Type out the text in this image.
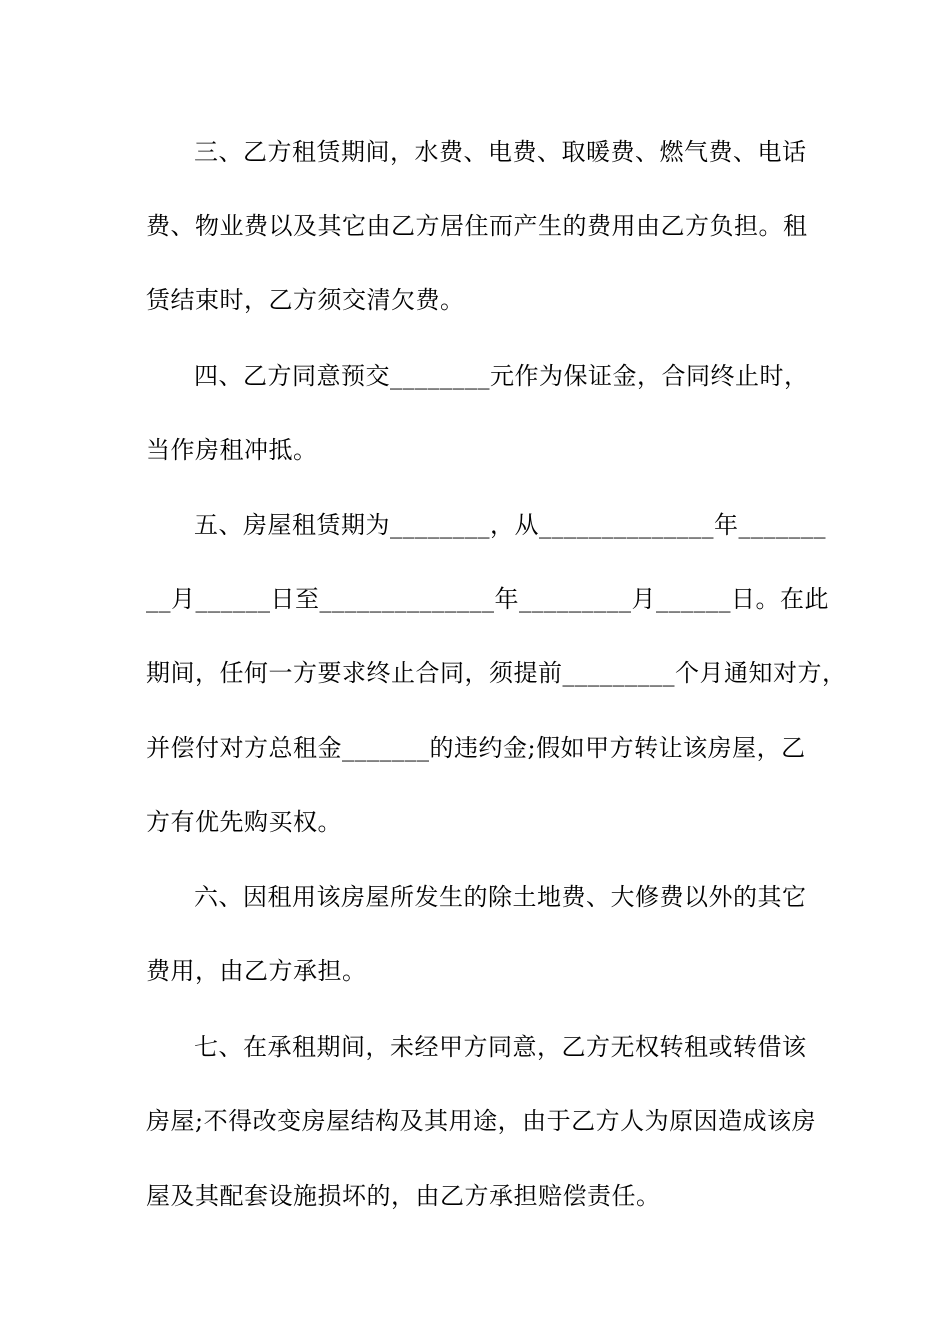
三、乙方租赁期间，水费、电费、取暖费、燃气费、电话
费、物业费以及其它由乙方居住而产生的费用由乙方负担。租
赁结束时，乙方须交清欠费。
四、乙方同意预交________元作为保证金，合同终止时，
当作房租冲抵。
五、房屋租赁期为________，从______________年_______
__月______日至______________年_________月______日。在此
期间，任何一方要求终止合同，须提前_________个月通知对方，
并偿付对方总租金_______的违约金;假如甲方转让该房屋，乙
方有优先购买权。
六、因租用该房屋所发生的除土地费、大修费以外的其它
费用，由乙方承担。
七、在承租期间，未经甲方同意，乙方无权转租或转借该
房屋;不得改变房屋结构及其用途，由于乙方人为原因造成该房
屋及其配套设施损坏的，由乙方承担赔偿责任。
